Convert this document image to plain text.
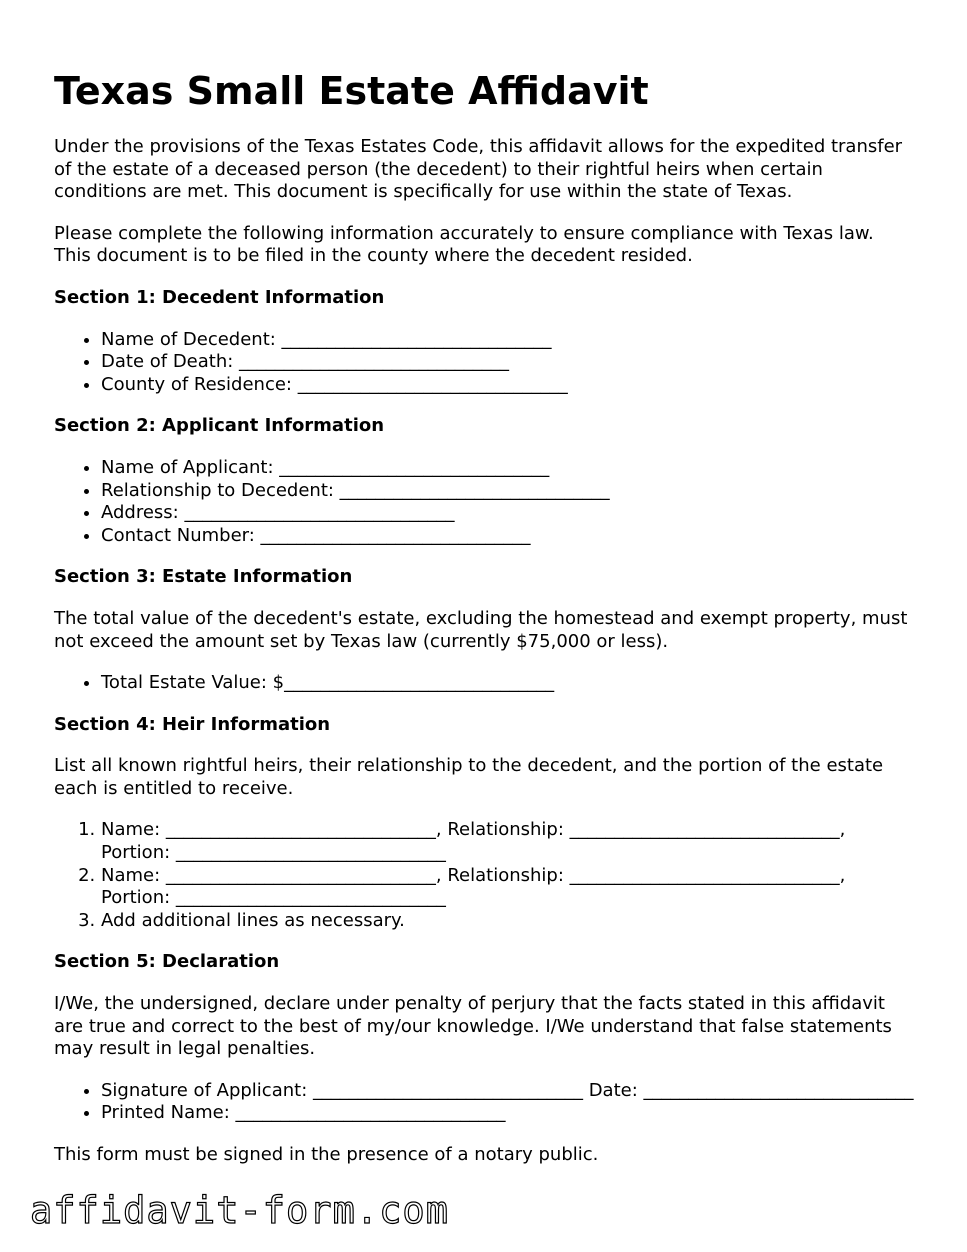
Texas Small Estate Affidavit

Under the provisions of the Texas Estates Code, this affidavit allows for the expedited transfer of the estate of a deceased person (the decedent) to their rightful heirs when certain conditions are met. This document is specifically for use within the state of Texas.

Please complete the following information accurately to ensure compliance with Texas law. This document is to be filed in the county where the decedent resided.

Section 1: Decedent Information
• Name of Decedent: ______________________________
• Date of Death: ______________________________
• County of Residence: ______________________________
Section 2: Applicant Information
• Name of Applicant: ______________________________
• Relationship to Decedent: ______________________________
• Address: ______________________________
• Contact Number: ______________________________
Section 3: Estate Information

The total value of the decedent's estate, excluding the homestead and exempt property, must not exceed the amount set by Texas law (currently $75,000 or less).

• Total Estate Value: $______________________________
Section 4: Heir Information

List all known rightful heirs, their relationship to the decedent, and the portion of the estate each is entitled to receive.

1. Name: ______________________________, Relationship: ______________________________, Portion: ______________________________
2. Name: ______________________________, Relationship: ______________________________, Portion: ______________________________
3. Add additional lines as necessary.
Section 5: Declaration

I/We, the undersigned, declare under penalty of perjury that the facts stated in this affidavit are true and correct to the best of my/our knowledge. I/We understand that false statements may result in legal penalties.

• Signature of Applicant: ______________________________ Date: ______________________________
• Printed Name: ______________________________

This form must be signed in the presence of a notary public.

affidavit-form.com
